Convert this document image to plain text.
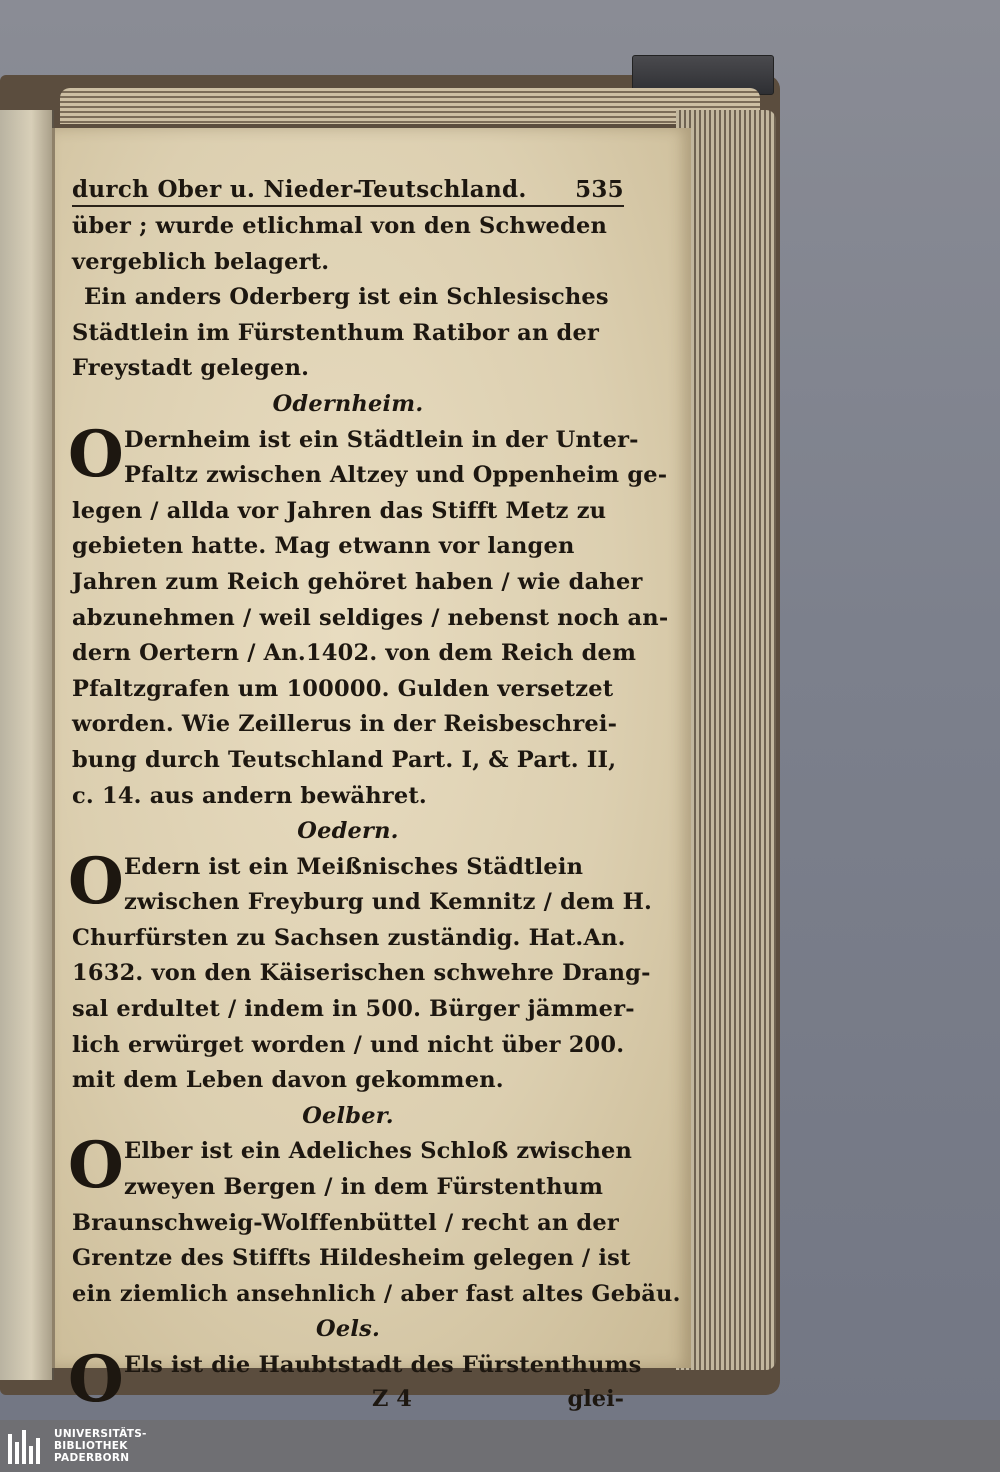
durch Ober u. Nieder-Teutschland. 535
über ; wurde etlichmal von den Schweden
vergeblich belagert.
Ein anders Oderberg ist ein Schlesisches
Städtlein im Fürstenthum Ratibor an der
Freystadt gelegen.
Odernheim.
O Dernheim ist ein Städtlein in der Unter-
Pfaltz zwischen Altzey und Oppenheim ge-
legen / allda vor Jahren das Stifft Metz zu
gebieten hatte. Mag etwann vor langen
Jahren zum Reich gehöret haben / wie daher
abzunehmen / weil seldiges / nebenst noch an-
dern Oertern / An.1402. von dem Reich dem
Pfaltzgrafen um 100000. Gulden versetzet
worden. Wie Zeillerus in der Reisbeschrei-
bung durch Teutschland Part. I, & Part. II,
c. 14. aus andern bewähret.
Oedern.
O Edern ist ein Meißnisches Städtlein
zwischen Freyburg und Kemnitz / dem H.
Churfürsten zu Sachsen zuständig. Hat.An.
1632. von den Käiserischen schwehre Drang-
sal erdultet / indem in 500. Bürger jämmer-
lich erwürget worden / und nicht über 200.
mit dem Leben davon gekommen.
Oelber.
O Elber ist ein Adeliches Schloß zwischen
zweyen Bergen / in dem Fürstenthum
Braunschweig-Wolffenbüttel / recht an der
Grentze des Stiffts Hildesheim gelegen / ist
ein ziemlich ansehnlich / aber fast altes Gebäu.
Oels.
O Els ist die Haubtstadt des Fürstenthums
Z 4	glei-
UNIVERSITÄTS-
BIBLIOTHEK
PADERBORN
